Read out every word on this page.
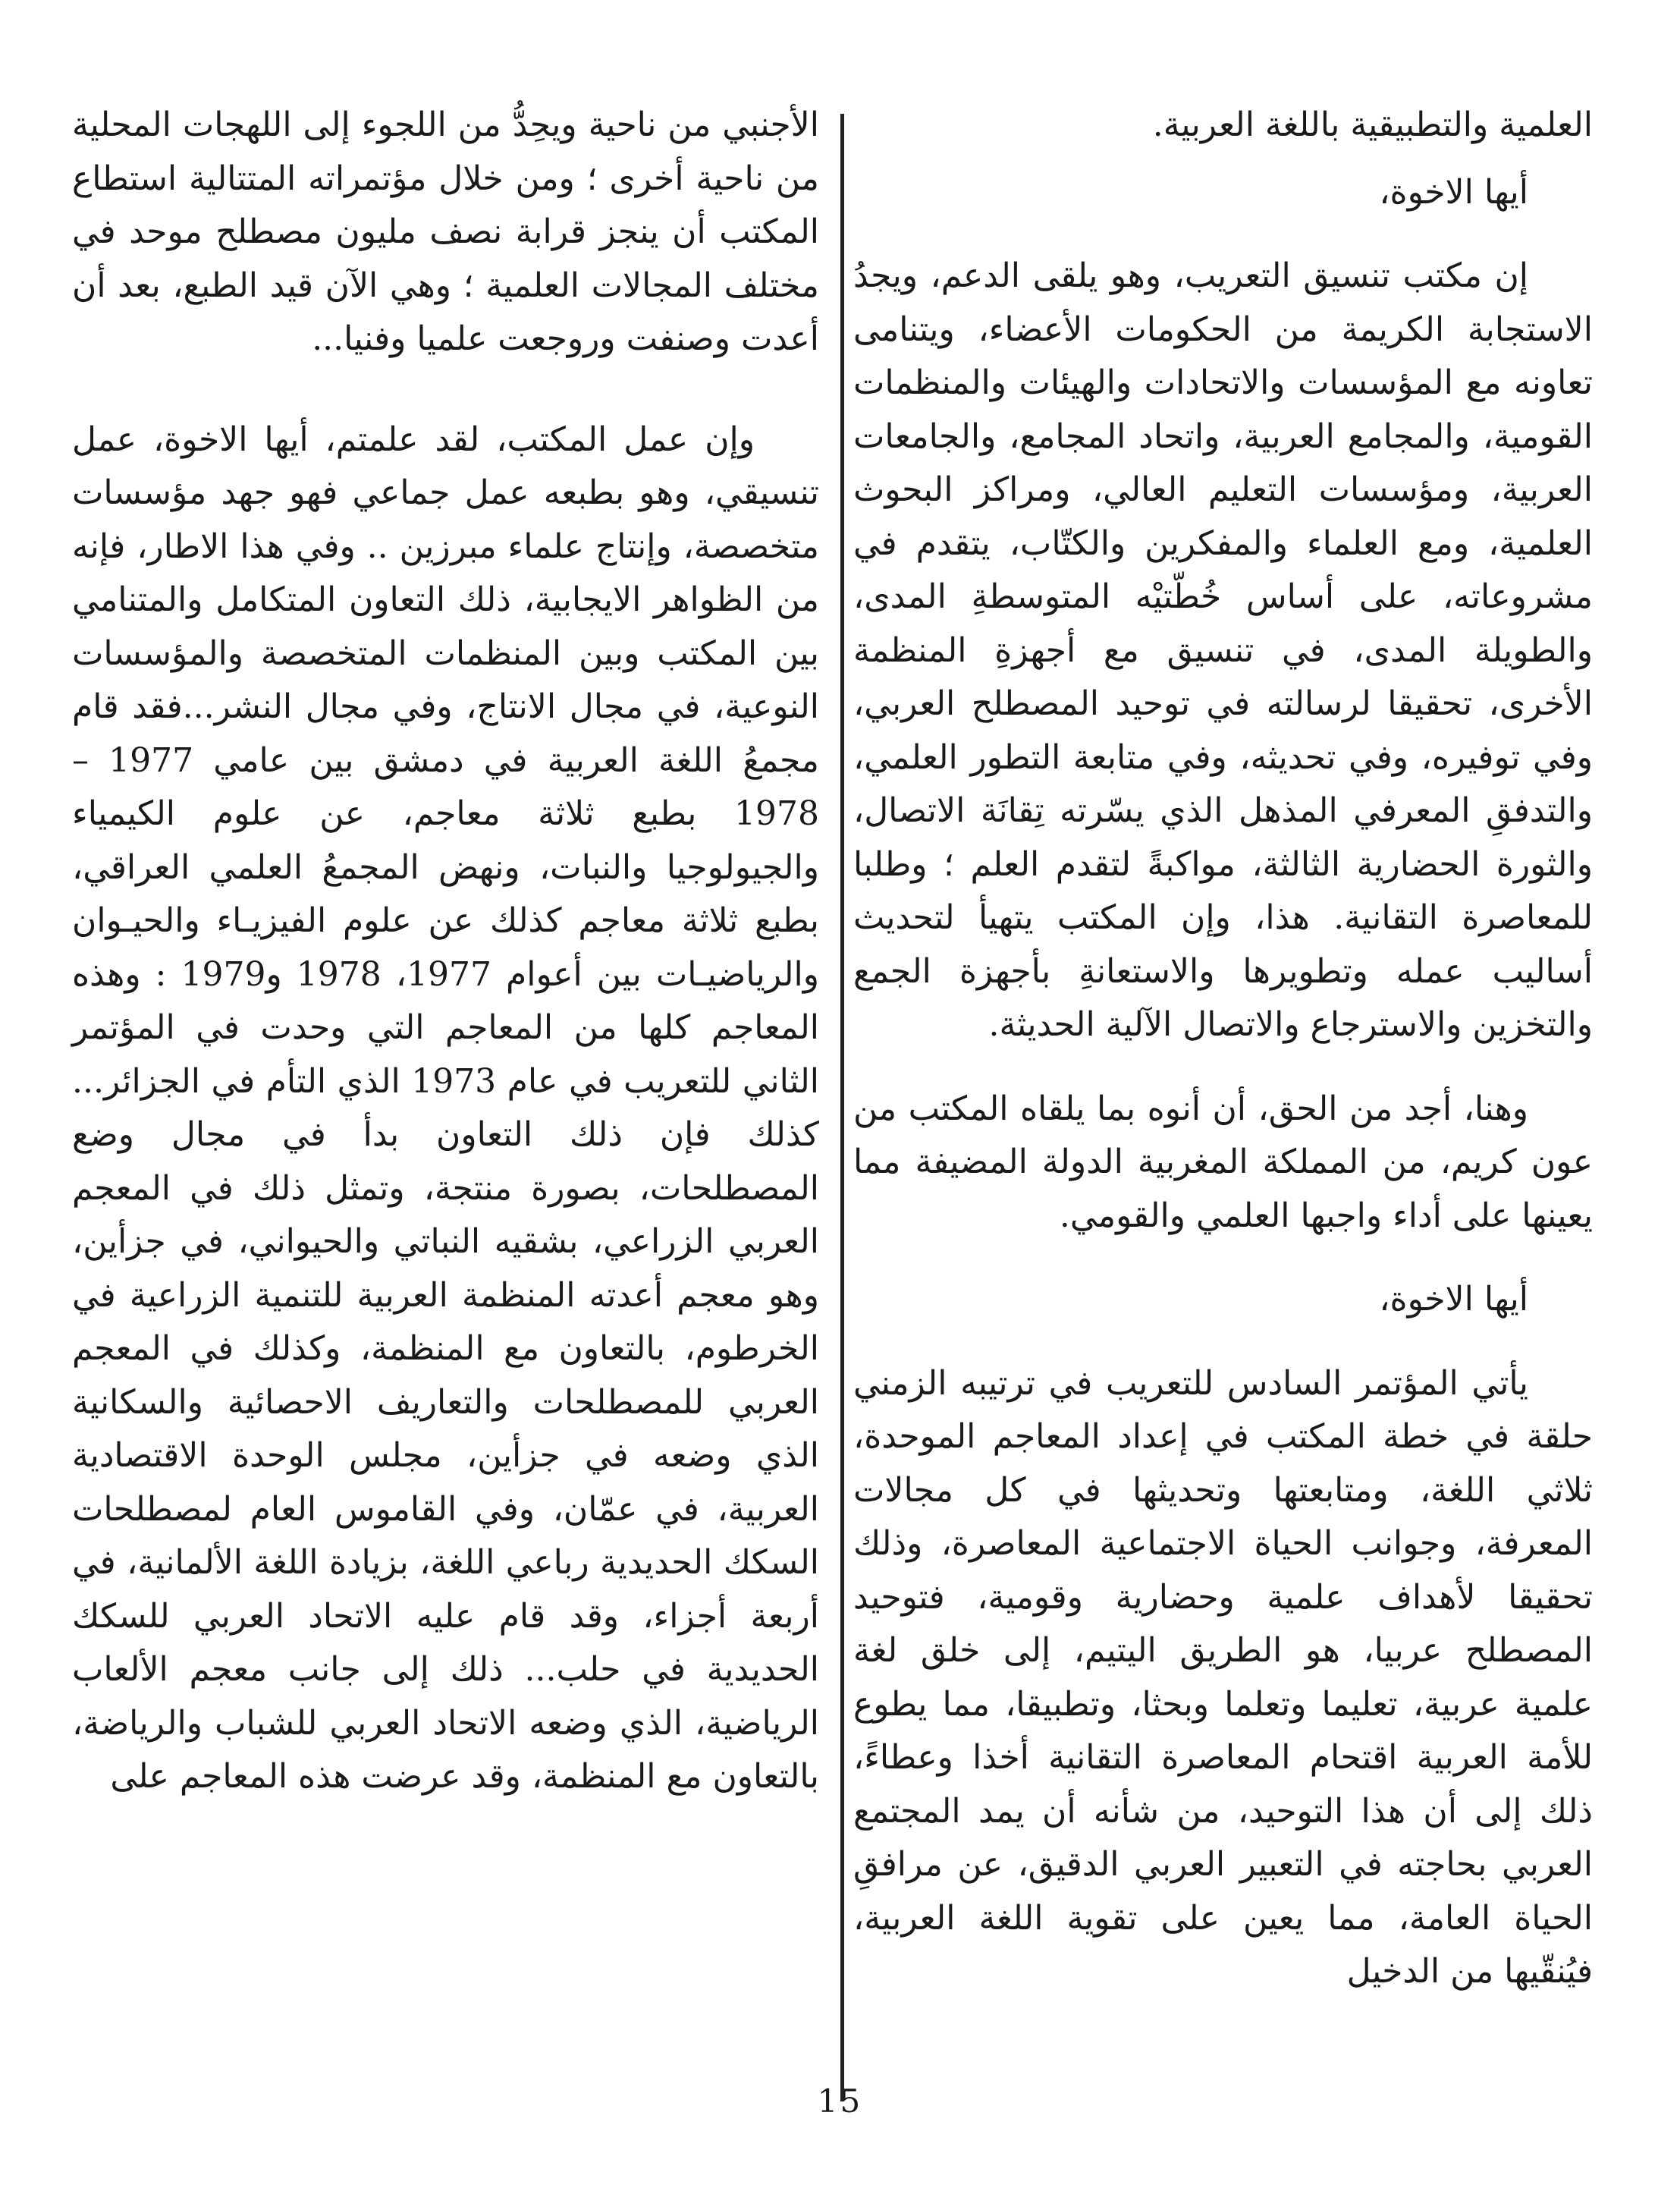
العلمية والتطبيقية باللغة العربية.

أيها الاخوة،

إن مكتب تنسيق التعريب، وهو يلقى الدعم، ويجدُ الاستجابة الكريمة من الحكومات الأعضاء، ويتنامى تعاونه مع المؤسسات والاتحادات والهيئات والمنظمات القومية، والمجامع العربية، واتحاد المجامع، والجامعات العربية، ومؤسسات التعليم العالي، ومراكز البحوث العلمية، ومع العلماء والمفكرين والكتّاب، يتقدم في مشروعاته، على أساس خُطّتيْه المتوسطةِ المدى، والطويلة المدى، في تنسيق مع أجهزةِ المنظمة الأخرى، تحقيقا لرسالته في توحيد المصطلح العربي، وفي توفيره، وفي تحديثه، وفي متابعة التطور العلمي، والتدفقِ المعرفي المذهل الذي يسّرته تِقانَة الاتصال، والثورة الحضارية الثالثة، مواكبةً لتقدم العلم ؛ وطلبا للمعاصرة التقانية. هذا، وإن المكتب يتهيأ لتحديث أساليب عمله وتطويرها والاستعانةِ بأجهزة الجمع والتخزين والاسترجاع والاتصال الآلية الحديثة.

وهنا، أجد من الحق، أن أنوه بما يلقاه المكتب من عون كريم، من المملكة المغربية الدولة المضيفة مما يعينها على أداء واجبها العلمي والقومي.

أيها الاخوة،

يأتي المؤتمر السادس للتعريب في ترتيبه الزمني حلقة في خطة المكتب في إعداد المعاجم الموحدة، ثلاثي اللغة، ومتابعتها وتحديثها في كل مجالات المعرفة، وجوانب الحياة الاجتماعية المعاصرة، وذلك تحقيقا لأهداف علمية وحضارية وقومية، فتوحيد المصطلح عربيا، هو الطريق اليتيم، إلى خلق لغة علمية عربية، تعليما وتعلما وبحثا، وتطبيقا، مما يطوع للأمة العربية اقتحام المعاصرة التقانية أخذا وعطاءً، ذلك إلى أن هذا التوحيد، من شأنه أن يمد المجتمع العربي بحاجته في التعبير العربي الدقيق، عن مرافقِ الحياة العامة، مما يعين على تقوية اللغة العربية، فيُنقّيها من الدخيل

الأجنبي من ناحية ويحِدُّ من اللجوء إلى اللهجات المحلية من ناحية أخرى ؛ ومن خلال مؤتمراته المتتالية استطاع المكتب أن ينجز قرابة نصف مليون مصطلح موحد في مختلف المجالات العلمية ؛ وهي الآن قيد الطبع، بعد أن أعدت وصنفت وروجعت علميا وفنيا...

وإن عمل المكتب، لقد علمتم، أيها الاخوة، عمل تنسيقي، وهو بطبعه عمل جماعي فهو جهد مؤسسات متخصصة، وإنتاج علماء مبرزين .. وفي هذا الاطار، فإنه من الظواهر الايجابية، ذلك التعاون المتكامل والمتنامي بين المكتب وبين المنظمات المتخصصة والمؤسسات النوعية، في مجال الانتاج، وفي مجال النشر...فقد قام مجمعُ اللغة العربية في دمشق بين عامي 1977 – 1978 بطبع ثلاثة معاجم، عن علوم الكيمياء والجيولوجيا والنبات، ونهض المجمعُ العلمي العراقي، بطبع ثلاثة معاجم كذلك عن علوم الفيزيـاء والحيـوان والرياضيـات بين أعوام 1977، 1978 و1979 : وهذه المعاجم كلها من المعاجم التي وحدت في المؤتمر الثاني للتعريب في عام 1973 الذي التأم في الجزائر... كذلك فإن ذلك التعاون بدأ في مجال وضع المصطلحات، بصورة منتجة، وتمثل ذلك في المعجم العربي الزراعي، بشقيه النباتي والحيواني، في جزأين، وهو معجم أعدته المنظمة العربية للتنمية الزراعية في الخرطوم، بالتعاون مع المنظمة، وكذلك في المعجم العربي للمصطلحات والتعاريف الاحصائية والسكانية الذي وضعه في جزأين، مجلس الوحدة الاقتصادية العربية، في عمّان، وفي القاموس العام لمصطلحات السكك الحديدية رباعي اللغة، بزيادة اللغة الألمانية، في أربعة أجزاء، وقد قام عليه الاتحاد العربي للسكك الحديدية في حلب... ذلك إلى جانب معجم الألعاب الرياضية، الذي وضعه الاتحاد العربي للشباب والرياضة، بالتعاون مع المنظمة، وقد عرضت هذه المعاجم على

15
